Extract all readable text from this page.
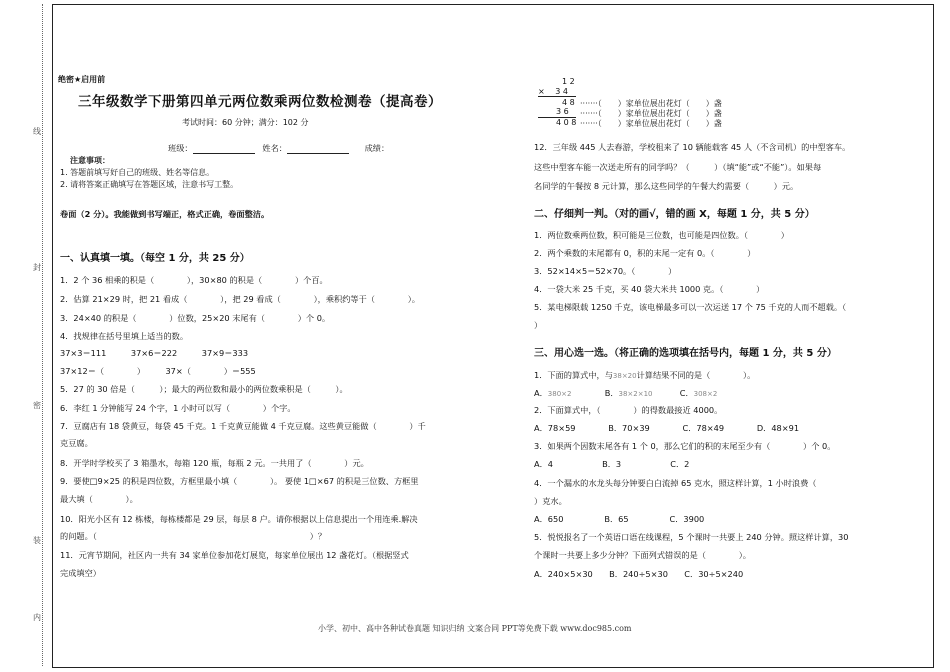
线
封
密
装
内
绝密★启用前
三年级数学下册第四单元两位数乘两位数检测卷（提高卷）
考试时间：60 分钟；满分：102 分
班级：	姓名：	成绩：
注意事项：
1. 答题前填写好自己的班级、姓名等信息。
2. 请将答案正确填写在答题区域，注意书写工整。
卷面（2 分）。我能做到书写端正，格式正确，卷面整洁。
一、认真填一填。（每空 1 分，共 25 分）
1．2 个 36 相乘的积是（　　　　），30×80 的积是（　　　　）个百。
2．估算 21×29 时，把 21 看成（　　　　），把 29 看成（　　　　），乘积约等于（　　　　）。
3．24×40 的积是（　　　　）位数，25×20 末尾有（　　　　）个 0。
4．找规律在括号里填上适当的数。
37×3＝111　　　37×6＝222　　　37×9＝333
37×12＝（　　　　）　　　37×（　　　　）＝555
5．27 的 30 倍是（　　　）；最大的两位数和最小的两位数乘积是（　　　）。
6．李红 1 分钟能写 24 个字，1 小时可以写（　　　　）个字。
7．豆腐店有 18 袋黄豆，每袋 45 千克。1 千克黄豆能做 4 千克豆腐。这些黄豆能做（　　　　）千
克豆腐。
8．开学时学校买了 3 箱墨水，每箱 120 瓶，每瓶 2 元。一共用了（　　　　）元。
9．要使□9×25 的积是四位数，方框里最小填（　　　　）。 要使 1□×67 的积是三位数、方框里
最大填（　　　　）。
10．阳光小区有 12 栋楼，每栋楼都是 29 层，每层 8 户。请你根据以上信息提出一个用连乘.解决
的问题。（　　　　　　　　　　　　　　　　　　　　　　　　　　）？
11．元宵节期间，社区内一共有 34 家单位参加花灯展览，每家单位展出 12 盏花灯。（根据竖式
完成填空）
1 2
× 　3 4
4 8
3 6
4 0 8
·······（　　）家单位展出花灯（　　）盏
·······（　　）家单位展出花灯（　　）盏
·······（　　）家单位展出花灯（　　）盏
12．三年级 445 人去春游，学校租来了 10 辆能载客 45 人（不含司机）的中型客车。
这些中型客车能一次送走所有的同学吗？（　　　）（填“能”或“不能”）。如果每
名同学的午餐按 8 元计算，那么这些同学的午餐大约需要（　　　）元。
二、仔细判一判。（对的画√，错的画 X，每题 1 分，共 5 分）
1．两位数乘两位数，积可能是三位数，也可能是四位数。（　　　　）
2．两个乘数的末尾都有 0，积的末尾一定有 0。（　　　　）
3．52×14×5＝52×70。（　　　　）
4．一袋大米 25 千克，买 40 袋大米共 1000 克。（　　　　）
5．某电梯限载 1250 千克，该电梯最多可以一次运送 17 个 75 千克的人而不超载。（
）
三、用心选一选。（将正确的选项填在括号内，每题 1 分，共 5 分）
1．下面的算式中，与38×20计算结果不同的是（　　　　）。
A．380×2	B．38×2×10	C．308×2
2．下面算式中，（　　　　）的得数最接近 4000。
A．78×59　　　　B．70×39　　　　C．78×49　　　　D．48×91
3．如果两个因数末尾各有 1 个 0，那么它们的积的末尾至少有（　　　　）个 0。
A．4　　　　　　B．3　　　　　　C．2
4．一个漏水的水龙头每分钟要白白流掉 65 克水，照这样计算，1 小时浪费（　　　
）克水。
A．650　　　　　B．65　　　　　C．3900
5．悦悦报名了一个英语口语在线课程，5 个课时一共要上 240 分钟。照这样计算，30
个课时一共要上多少分钟？下面列式错误的是（　　　　）。
A．240×5×30　　B．240÷5×30　　C．30÷5×240
小学、初中、高中各种试卷真题 知识归纳 文案合同 PPT等免费下载 www.doc985.com
